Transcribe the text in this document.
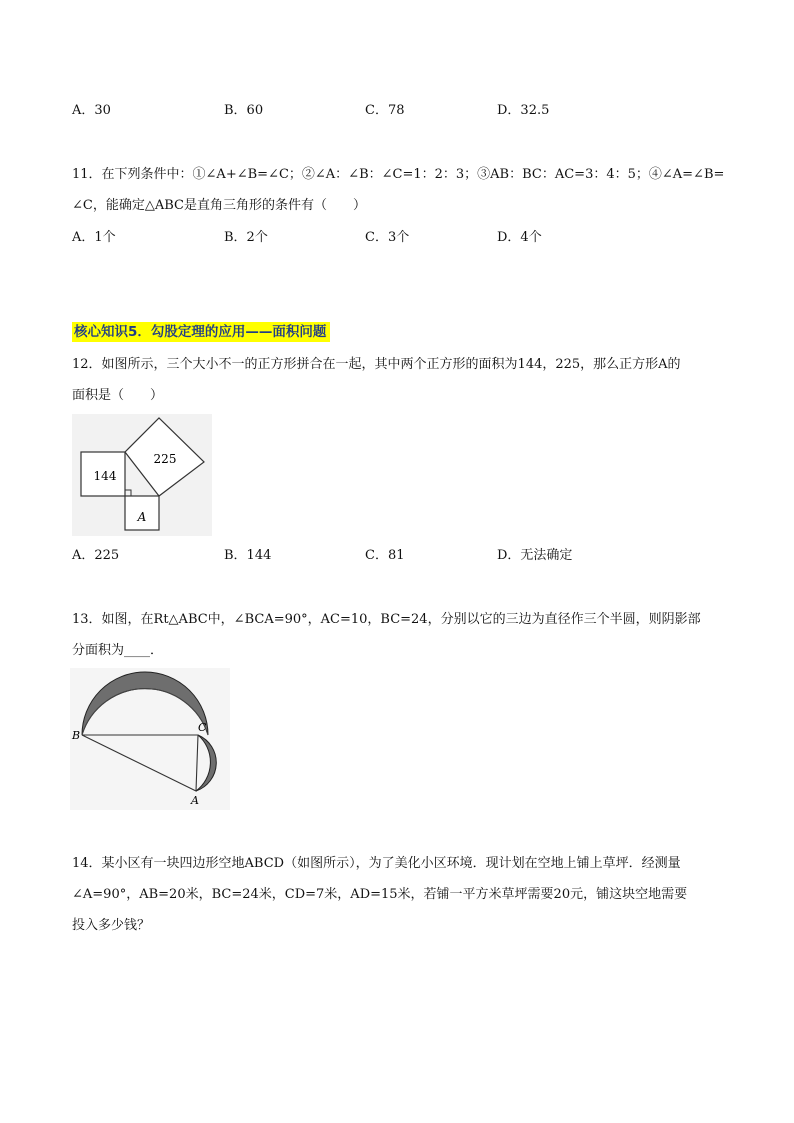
A．30	B．60	C．78	D．32.5
11．在下列条件中：①∠A+∠B=∠C；②∠A：∠B：∠C=1：2：3；③AB：BC：AC=3：4：5；④∠A=∠B=
∠C，能确定△ABC是直角三角形的条件有（　　）
A．1个	B．2个	C．3个	D．4个
核心知识5．勾股定理的应用——面积问题
12．如图所示，三个大小不一的正方形拼合在一起，其中两个正方形的面积为144，225，那么正方形A的
面积是（　　）
144
225
A
A．225	B．144	C．81	D．无法确定
13．如图，在Rt△ABC中，∠BCA=90°，AC=10，BC=24，分别以它的三边为直径作三个半圆，则阴影部
分面积为____．
B
C
A
14．某小区有一块四边形空地ABCD（如图所示），为了美化小区环境．现计划在空地上铺上草坪．经测量
∠A=90°，AB=20米，BC=24米，CD=7米，AD=15米，若铺一平方米草坪需要20元，铺这块空地需要
投入多少钱？
